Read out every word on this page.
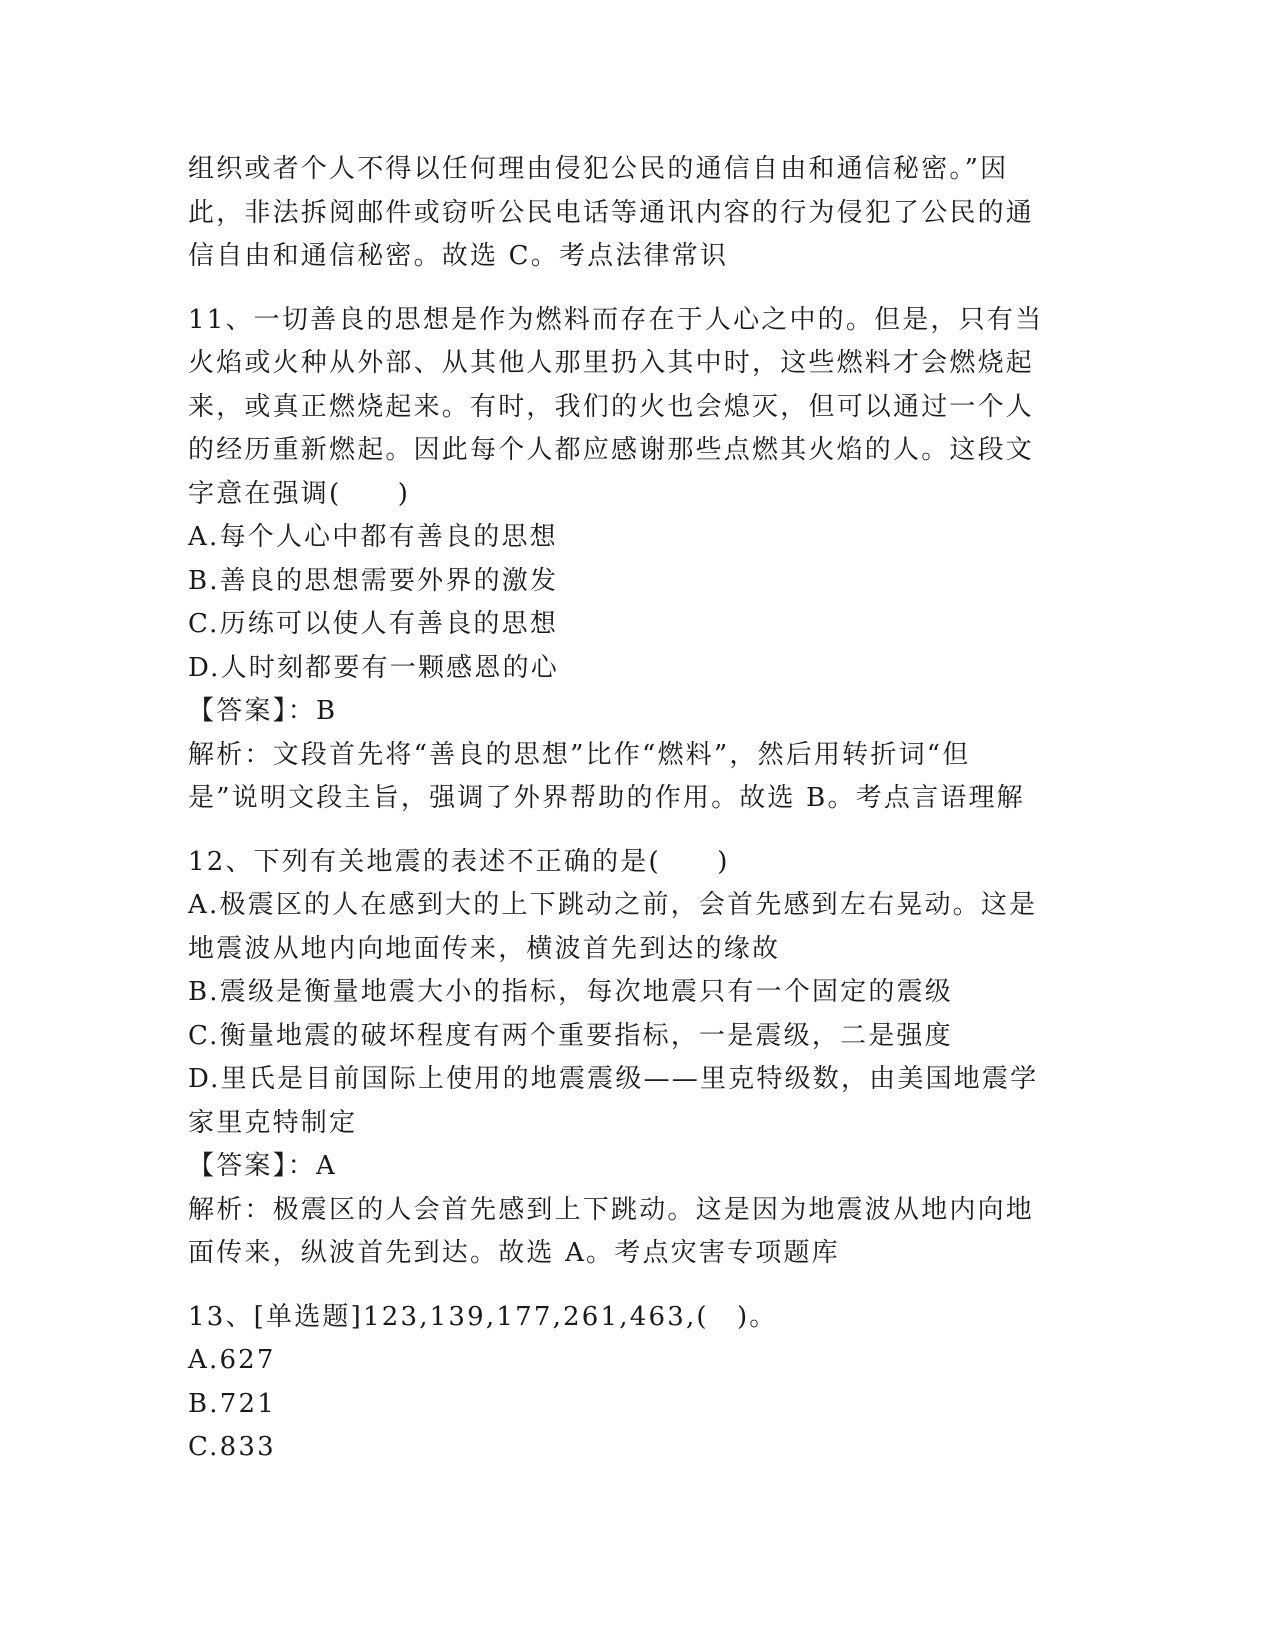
组织或者个人不得以任何理由侵犯公民的通信自由和通信秘密。”因
此，非法拆阅邮件或窃听公民电话等通讯内容的行为侵犯了公民的通
信自由和通信秘密。故选 C。考点法律常识
11、一切善良的思想是作为燃料而存在于人心之中的。但是，只有当
火焰或火种从外部、从其他人那里扔入其中时，这些燃料才会燃烧起
来，或真正燃烧起来。有时，我们的火也会熄灭，但可以通过一个人
的经历重新燃起。因此每个人都应感谢那些点燃其火焰的人。这段文
字意在强调(　　)
A.每个人心中都有善良的思想
B.善良的思想需要外界的激发
C.历练可以使人有善良的思想
D.人时刻都要有一颗感恩的心
【答案】：B
解析：文段首先将“善良的思想”比作“燃料”，然后用转折词“但
是”说明文段主旨，强调了外界帮助的作用。故选 B。考点言语理解
12、下列有关地震的表述不正确的是(　　)
A.极震区的人在感到大的上下跳动之前，会首先感到左右晃动。这是
地震波从地内向地面传来，横波首先到达的缘故
B.震级是衡量地震大小的指标，每次地震只有一个固定的震级
C.衡量地震的破坏程度有两个重要指标，一是震级，二是强度
D.里氏是目前国际上使用的地震震级——里克特级数，由美国地震学
家里克特制定
【答案】：A
解析：极震区的人会首先感到上下跳动。这是因为地震波从地内向地
面传来，纵波首先到达。故选 A。考点灾害专项题库
13、[单选题]123,139,177,261,463,(　)。
A.627
B.721
C.833
